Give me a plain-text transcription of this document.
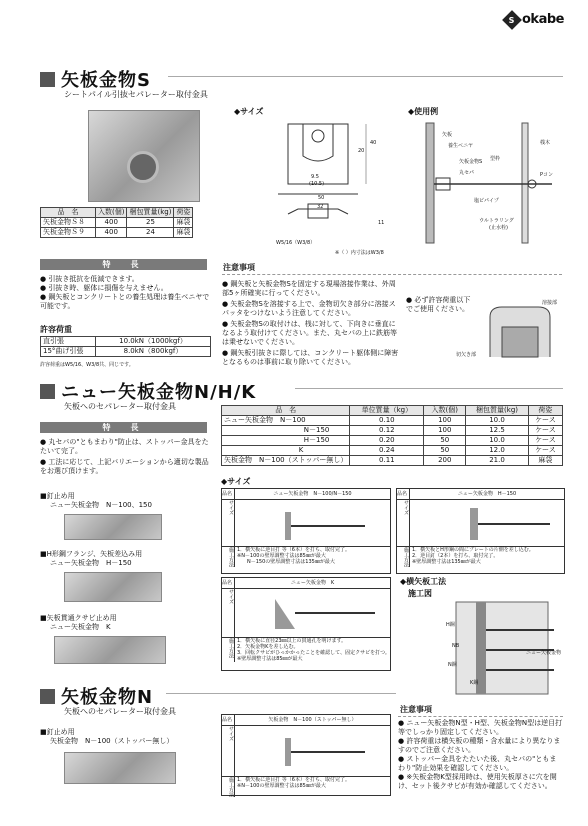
S okabe
矢板金物S
シートパイル引抜セパレーター取付金具
品　名	入数(個)	梱包質量(kg)	荷姿
矢板金物Ｓ８	400	25	麻袋
矢板金物Ｓ９	400	24	麻袋
特　長
● 引抜き抵抗を低減できます。
● 引抜き時、躯体に損傷を与えません。
● 鋼矢板とコンクリートとの養生処理は養生ベニヤで可能です。
許容荷重
直引張	10.0kN（1000kgf）
15°曲げ引張	8.0kN（800kgf）
許容荷重はW5/16、W3/8共、同じです。
◆サイズ
9.5
(10.5)
50
20
40
32
11
W5/16（W3/8）
※（ ）内寸法はW3/8
◆使用例
矢板
養生ベニヤ
矢板金物S
丸セパ
型枠
塩ビパイプ
ウルトラリング
(止水栓)
Pコン
桟木
注意事項
● 鋼矢板と矢板金物Sを固定する現場溶接作業は、外周部5ヶ所確実に行ってください。
● 矢板金物Sを溶接する上で、金物切欠き部分に溶接スパッタをつけないよう注意してください。
● 矢板金物Sの取付けは、桟に対して、下向きに垂直になるよう取付けてください。また、丸セパの上に鉄筋等は乗せないでください。
● 鋼矢板引抜きに際しては、コンクリート躯体側に障害となるものは事前に取り除いてください。
● 必ず許容荷重以下でご使用ください。
溶接部
切欠き部
ニュー矢板金物N/H/K
矢板へのセパレーター取付金具
特　長
● 丸セパの"ともまわり"防止は、ストッパー金具をたたいて完了。
● 工法に応じて、上記バリエーションから適切な製品をお選び頂けます。
■釘止め用
ニュー矢板金物　N－100、150
■H形鋼フランジ、矢板差込み用
ニュー矢板金物　H－150
■矢板貫通クサビ止め用
ニュー矢板金物　K
品　名	単位質量（kg）	入数(個)	梱包質量(kg)	荷姿
ニュー矢板金物　N－100	0.10	100	10.0	ケース
N－150	0.12	100	12.5	ケース
H－150	0.20	50	10.0	ケース
K	0.24	50	12.0	ケース
矢板金物　N－100（ストッパー無し）	0.11	200	21.0	麻袋
◆サイズ
品名	ニュー矢板金物　N－100/N－150
サイズ
施工方法 1．横矢板に逆目打 等（6本）を打ち、取付完了。
※N－100の壁厚調整寸法は85㎜が最大
N－150の壁厚調整寸法は135㎜が最大
品名	ニュー矢板金物　H－150
サイズ
施工方法 1．横矢板とH形鋼の間にプレートの片側を差し込む。
2．逆目釘（2本）を打ち、取付完了。
※壁厚調整寸法は135㎜が最大
品名	ニュー矢板金物　K
サイズ
施工方法 1．横矢板に直径23㎜以上の貫通孔を明けます。
2．矢板金物Kを差し込む。
3．回転クサビがひっかかったことを確認して、固定クサビを打つ。
※壁厚調整寸法は85㎜が最大
◆横矢板工法
施工図
H鋼
NB
N鋼
K鋼
ニュー矢板金物
矢板金物N
矢板へのセパレーター取付金具
■釘止め用
矢板金物　N－100（ストッパー無し）
品名	矢板金物　N－100（ストッパー無し）
サイズ
施工方法 1．横矢板に逆目打 等（6本）を打ち、取付完了。
※N－100の壁厚調整寸法は85㎜が最大
注意事項
● ニュー矢板金物N型・H型、矢板金物N型は逆目打 等でしっかり固定してください。
● 許容荷重は横矢板の種類・含水量により異なりますのでご注意ください。
● ストッパー金具をたたいた後、丸セパの"ともまわり"防止効果を確認してください。
● ※矢板金物K型採用時は、使用矢板厚さに穴を開け、セット後クサビが有効か確認してください。
